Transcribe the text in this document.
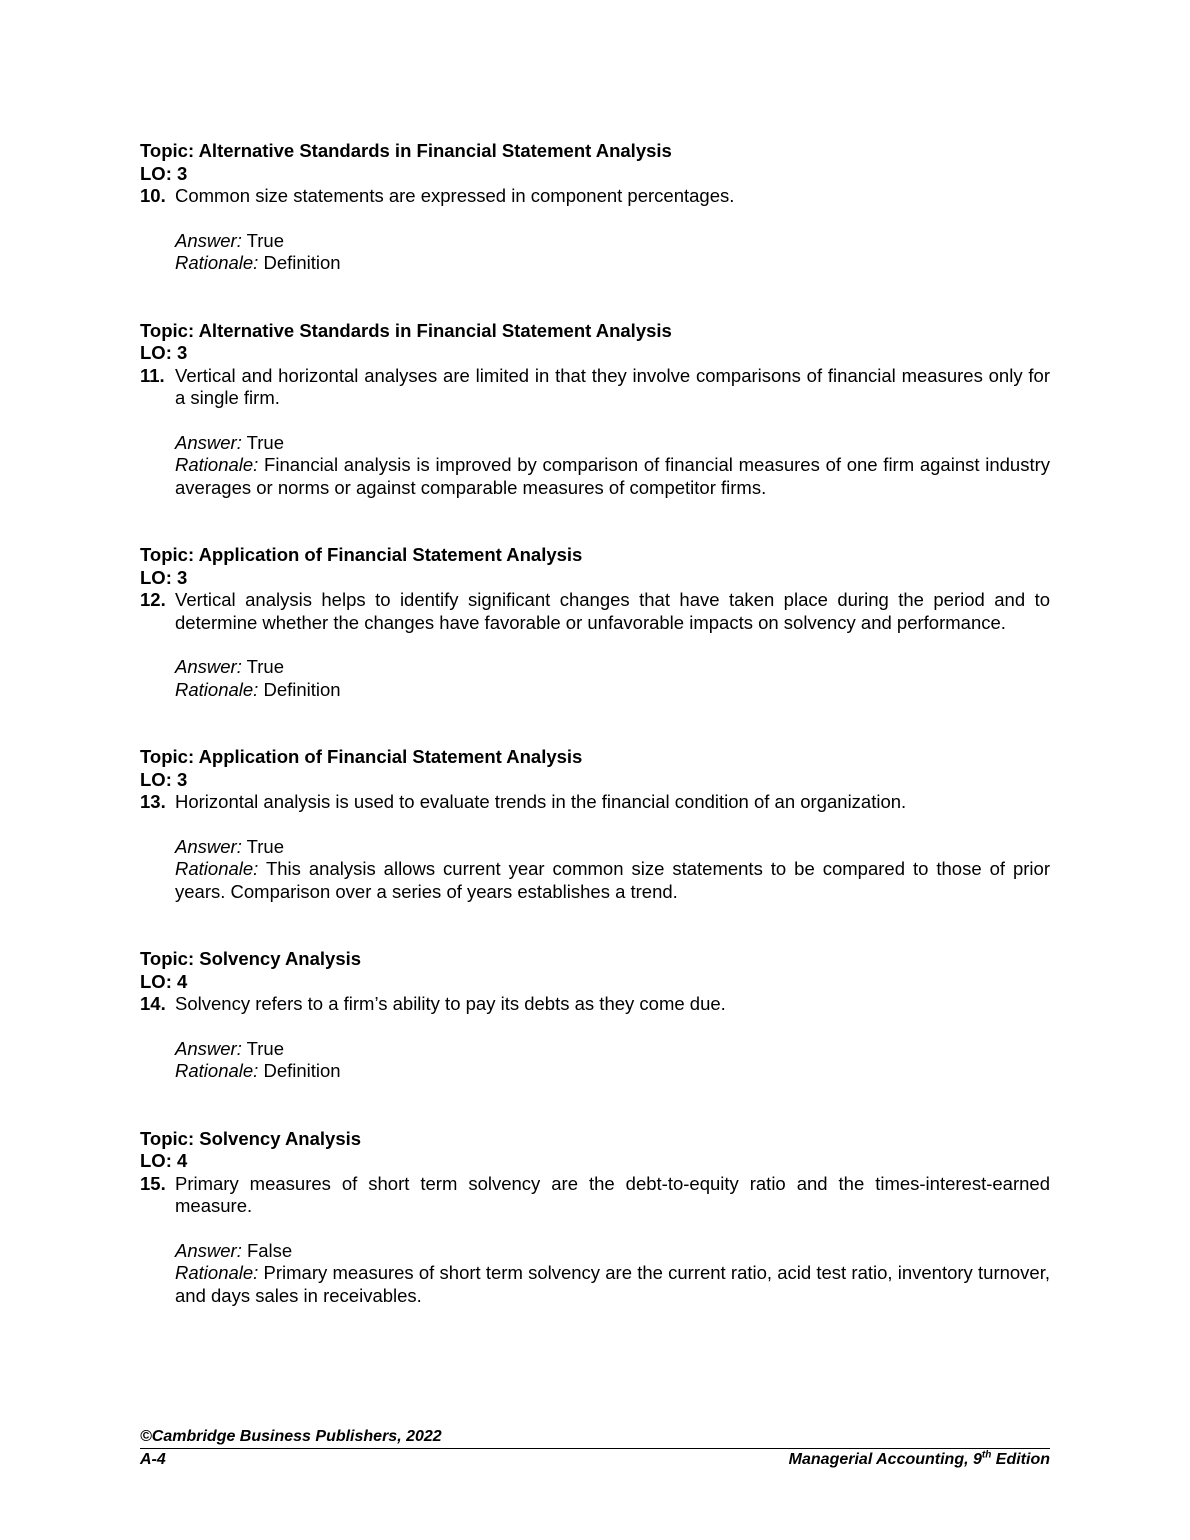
Topic: Alternative Standards in Financial Statement Analysis
LO: 3
10. Common size statements are expressed in component percentages.
Answer: True
Rationale: Definition
Topic: Alternative Standards in Financial Statement Analysis
LO: 3
11. Vertical and horizontal analyses are limited in that they involve comparisons of financial measures only for a single firm.
Answer: True
Rationale: Financial analysis is improved by comparison of financial measures of one firm against industry averages or norms or against comparable measures of competitor firms.
Topic: Application of Financial Statement Analysis
LO: 3
12. Vertical analysis helps to identify significant changes that have taken place during the period and to determine whether the changes have favorable or unfavorable impacts on solvency and performance.
Answer: True
Rationale: Definition
Topic: Application of Financial Statement Analysis
LO: 3
13. Horizontal analysis is used to evaluate trends in the financial condition of an organization.
Answer: True
Rationale: This analysis allows current year common size statements to be compared to those of prior years. Comparison over a series of years establishes a trend.
Topic: Solvency Analysis
LO: 4
14. Solvency refers to a firm’s ability to pay its debts as they come due.
Answer: True
Rationale: Definition
Topic: Solvency Analysis
LO: 4
15. Primary measures of short term solvency are the debt-to-equity ratio and the times-interest-earned measure.
Answer: False
Rationale: Primary measures of short term solvency are the current ratio, acid test ratio, inventory turnover, and days sales in receivables.
©Cambridge Business Publishers, 2022
A-4	Managerial Accounting, 9th Edition
